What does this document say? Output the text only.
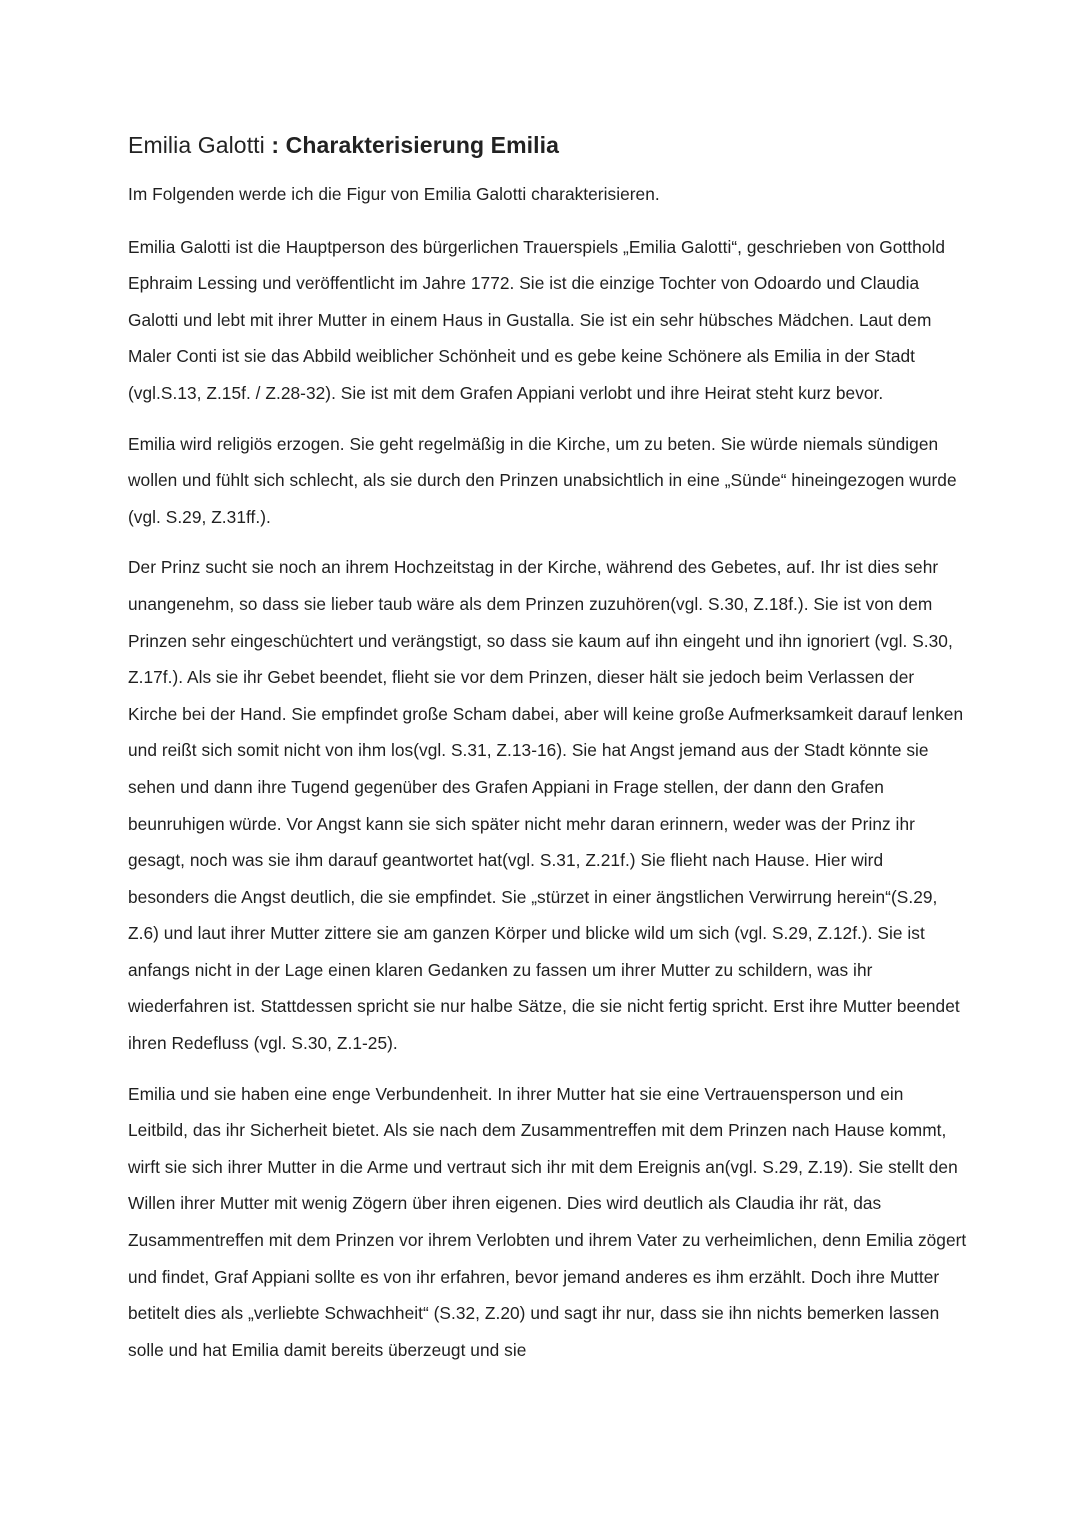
Emilia Galotti : Charakterisierung Emilia

Im Folgenden werde ich die Figur von Emilia Galotti charakterisieren.

Emilia Galotti ist die Hauptperson des bürgerlichen Trauerspiels „Emilia Galotti“, geschrieben von Gotthold Ephraim Lessing und veröffentlicht im Jahre 1772. Sie ist die einzige Tochter von Odoardo und Claudia Galotti und lebt mit ihrer Mutter in einem Haus in Gustalla. Sie ist ein sehr hübsches Mädchen. Laut dem Maler Conti ist sie das Abbild weiblicher Schönheit und es gebe keine Schönere als Emilia in der Stadt (vgl.S.13, Z.15f. / Z.28-32). Sie ist mit dem Grafen Appiani verlobt und ihre Heirat steht kurz bevor.

Emilia wird religiös erzogen. Sie geht regelmäßig in die Kirche, um zu beten. Sie würde niemals sündigen wollen und fühlt sich schlecht, als sie durch den Prinzen unabsichtlich in eine „Sünde“ hineingezogen wurde (vgl. S.29, Z.31ff.).

Der Prinz sucht sie noch an ihrem Hochzeitstag in der Kirche, während des Gebetes, auf. Ihr ist dies sehr unangenehm, so dass sie lieber taub wäre als dem Prinzen zuzuhören(vgl. S.30, Z.18f.). Sie ist von dem Prinzen sehr eingeschüchtert und verängstigt, so dass sie kaum auf ihn eingeht und ihn ignoriert (vgl. S.30, Z.17f.). Als sie ihr Gebet beendet, flieht sie vor dem Prinzen, dieser hält sie jedoch beim Verlassen der Kirche bei der Hand. Sie empfindet große Scham dabei, aber will keine große Aufmerksamkeit darauf lenken und reißt sich somit nicht von ihm los(vgl. S.31, Z.13-16). Sie hat Angst jemand aus der Stadt könnte sie sehen und dann ihre Tugend gegenüber des Grafen Appiani in Frage stellen, der dann den Grafen beunruhigen würde. Vor Angst kann sie sich später nicht mehr daran erinnern, weder was der Prinz ihr gesagt, noch was sie ihm darauf geantwortet hat(vgl. S.31, Z.21f.) Sie flieht nach Hause. Hier wird besonders die Angst deutlich, die sie empfindet. Sie „stürzet in einer ängstlichen Verwirrung herein“(S.29, Z.6) und laut ihrer Mutter zittere sie am ganzen Körper und blicke wild um sich (vgl. S.29, Z.12f.). Sie ist anfangs nicht in der Lage einen klaren Gedanken zu fassen um ihrer Mutter zu schildern, was ihr wiederfahren ist. Stattdessen spricht sie nur halbe Sätze, die sie nicht fertig spricht. Erst ihre Mutter beendet ihren Redefluss (vgl. S.30, Z.1-25).

Emilia und sie haben eine enge Verbundenheit. In ihrer Mutter hat sie eine Vertrauensperson und ein Leitbild, das ihr Sicherheit bietet. Als sie nach dem Zusammentreffen mit dem Prinzen nach Hause kommt, wirft sie sich ihrer Mutter in die Arme und vertraut sich ihr mit dem Ereignis an(vgl. S.29, Z.19). Sie stellt den Willen ihrer Mutter mit wenig Zögern über ihren eigenen. Dies wird deutlich als Claudia ihr rät, das Zusammentreffen mit dem Prinzen vor ihrem Verlobten und ihrem Vater zu verheimlichen, denn Emilia zögert und findet, Graf Appiani sollte es von ihr erfahren, bevor jemand anderes es ihm erzählt. Doch ihre Mutter betitelt dies als „verliebte Schwachheit“ (S.32, Z.20) und sagt ihr nur, dass sie ihn nichts bemerken lassen solle und hat Emilia damit bereits überzeugt und sie
